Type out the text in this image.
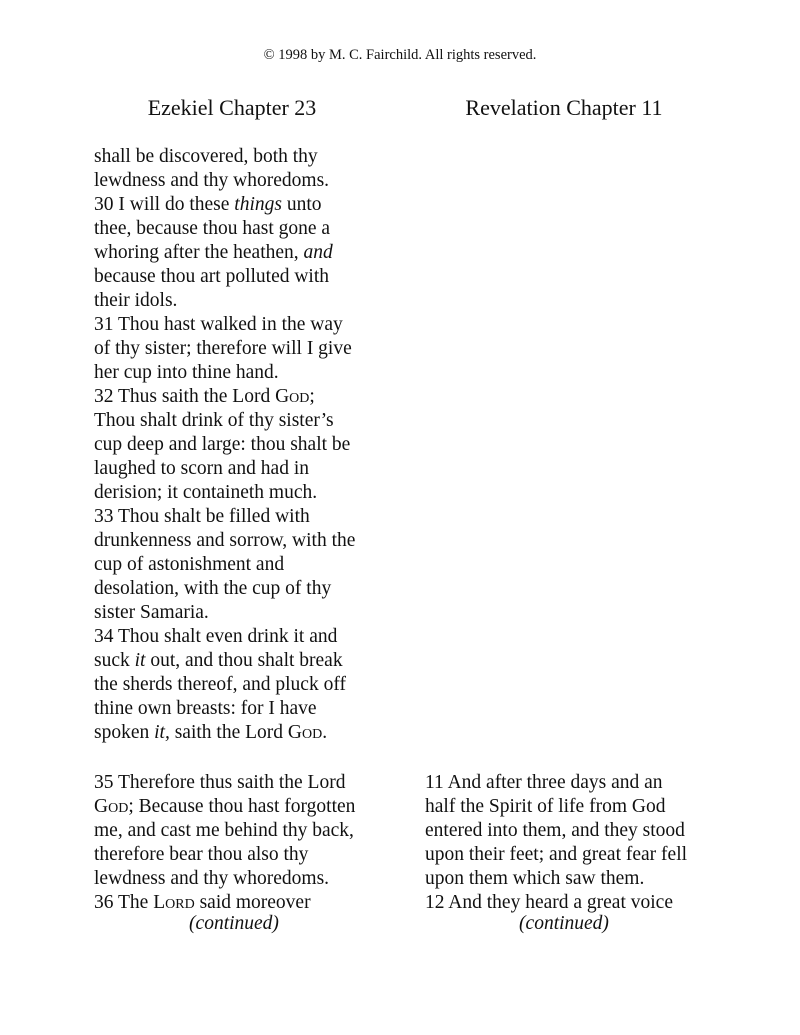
© 1998 by M. C. Fairchild. All rights reserved.
Ezekiel Chapter 23	Revelation Chapter 11
shall be discovered, both thy
lewdness and thy whoredoms.
30 I will do these things unto
thee, because thou hast gone a
whoring after the heathen, and
because thou art polluted with
their idols.
31 Thou hast walked in the way
of thy sister; therefore will I give
her cup into thine hand.
32 Thus saith the Lord God;
Thou shalt drink of thy sister’s
cup deep and large: thou shalt be
laughed to scorn and had in
derision; it containeth much.
33 Thou shalt be filled with
drunkenness and sorrow, with the
cup of astonishment and
desolation, with the cup of thy
sister Samaria.
34 Thou shalt even drink it and
suck it out, and thou shalt break
the sherds thereof, and pluck off
thine own breasts: for I have
spoken it, saith the Lord God.
35 Therefore thus saith the Lord
God; Because thou hast forgotten
me, and cast me behind thy back,
therefore bear thou also thy
lewdness and thy whoredoms.
36 The Lord said moreover
11 And after three days and an
half the Spirit of life from God
entered into them, and they stood
upon their feet; and great fear fell
upon them which saw them.
12 And they heard a great voice
(continued)	(continued)
